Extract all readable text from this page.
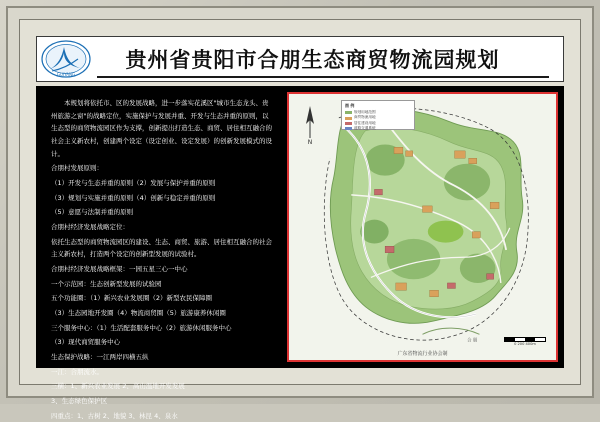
GUIYANG
贵州省贵阳市合朋生态商贸物流园规划

本规划将依托市、区的发展战略，进一步落实花溪区"城市生态龙头、贵州旅游之窗"的战略定位，实施保护与发展并重、开发与生态并重的原则，以生态型的商贸物流园区作为支撑，创新提出打造生态、商贸、居住相互融合的社会主义新农村，创建两个设定（设定创业、设定发展）的创新发展模式的设计。

合朋村发展原则：

（1）开发与生态并重的原则（2）发展与保护并重的原则

（3）规划与实施并重的原则（4）创新与稳定并重的原则

（5）意愿与法制并重的原则

合朋村经济发展战略定位：

依托生态型的商贸物流园区的建设、生态、商贸、旅游、居住相互融合的社会主义新农村，打造两个设定的创新型发展的试验村。

合朋村经济发展战略框架：一园五星三心一中心

一个示范园：生态创新型发展的试验园

五个功能圈：（1）新兴农业发展圈（2）新型农民保障圈

（3）生态园地开发圈（4）物流商贸圈（5）旅游康养休闲圈

三个服务中心：（1）生活配套服务中心（2）旅游休闲服务中心

（3）现代商贸服务中心

生态保护战略：一江两岸四横五纵

一江：合朋流水。

三横：1、新兴农业发展 2、高山温地开发发展

3、生态绿色保护区

四重点：1、古树 2、地貌 3、林昆 4、泉水

合 朋
N
图 例
规划用地范围
商贸物流用地
居住建设用地
道路交通系统
0 200 400m
广东省物流行业协会制
